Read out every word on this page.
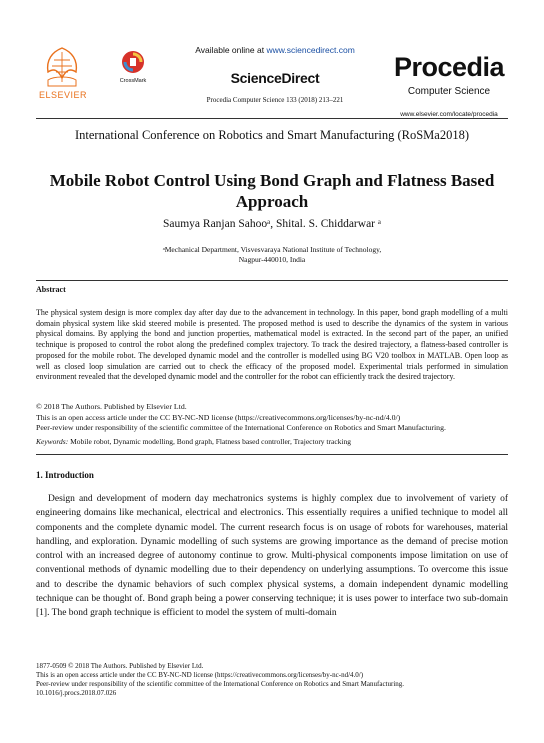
ELSEVIER
CrossMark
Available online at www.sciencedirect.com
ScienceDirect
Procedia Computer Science 133 (2018) 213–221
Procedia
Computer Science
www.elsevier.com/locate/procedia
International Conference on Robotics and Smart Manufacturing (RoSMa2018)
Mobile Robot Control Using Bond Graph and Flatness Based Approach
Saumya Ranjan Sahooᵃ, Shital. S. Chiddarwar ᵃ
ᵃMechanical Department, Visvesvaraya National Institute of Technology,
Nagpur-440010, India
Abstract
The physical system design is more complex day after day due to the advancement in technology. In this paper, bond graph modelling of a multi domain physical system like skid steered mobile is presented. The proposed method is used to describe the dynamics of the system in various physical domains. By applying the bond and junction properties, mathematical model is extracted. In the second part of the paper, an unified technique is proposed to control the robot along the predefined complex trajectory. To track the desired trajectory, a flatness-based controller is proposed for the mobile robot. The developed dynamic model and the controller is modelled using BG V20 toolbox in MATLAB. Open loop as well as closed loop simulation are carried out to check the efficacy of the proposed model. Experimental trials performed in simulation environment revealed that the developed dynamic model and the controller for the robot can efficiently track the desired trajectory.
© 2018 The Authors. Published by Elsevier Ltd.
This is an open access article under the CC BY-NC-ND license (https://creativecommons.org/licenses/by-nc-nd/4.0/)
Peer-review under responsibility of the scientific committee of the International Conference on Robotics and Smart Manufacturing.
Keywords: Mobile robot, Dynamic modelling, Bond graph, Flatness based controller, Trajectory tracking
1. Introduction
Design and development of modern day mechatronics systems is highly complex due to involvement of variety of engineering domains like mechanical, electrical and electronics. This essentially requires a unified technique to model all components and the complete dynamic model. The current research focus is on usage of robots for warehouses, material handling, and exploration. Dynamic modelling of such systems are growing importance as the demand of precise motion control with an increased degree of autonomy continue to grow. Multi-physical components impose limitation on use of conventional methods of dynamic modelling due to their dependency on underlying assumptions. To overcome this issue and to describe the dynamic behaviors of such complex physical systems, a domain independent dynamic modelling technique can be thought of. Bond graph being a power conserving technique; it is uses power to interface two sub-domain [1]. The bond graph technique is efficient to model the system of multi-domain
1877-0509 © 2018 The Authors. Published by Elsevier Ltd.
This is an open access article under the CC BY-NC-ND license (https://creativecommons.org/licenses/by-nc-nd/4.0/)
Peer-review under responsibility of the scientific committee of the International Conference on Robotics and Smart Manufacturing.
10.1016/j.procs.2018.07.026
